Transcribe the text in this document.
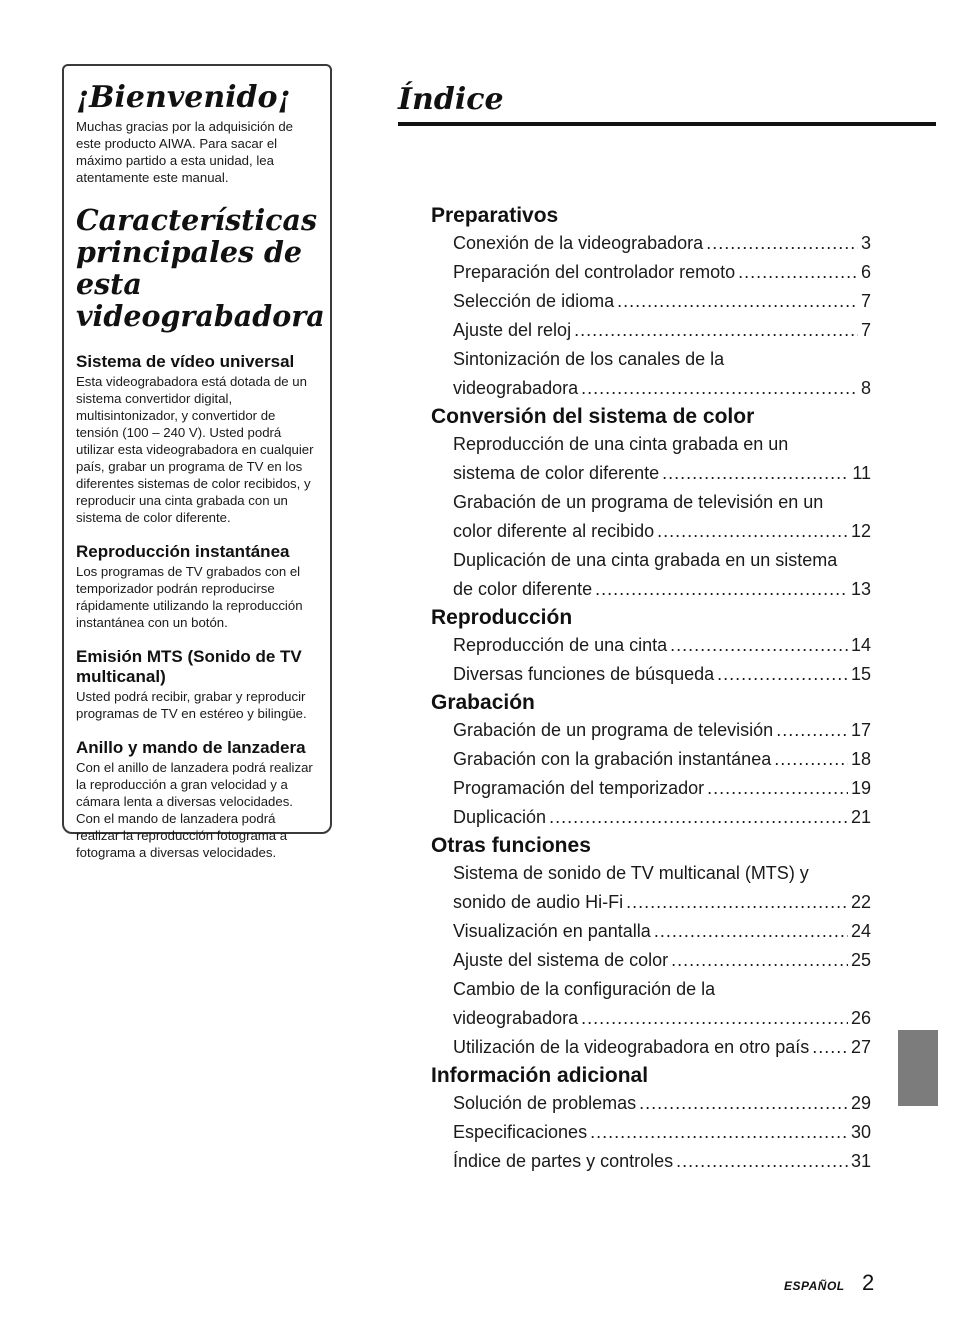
¡Bienvenido¡

Muchas gracias por la adquisición de este producto AIWA. Para sacar el máximo partido a esta unidad, lea atentamente este manual.

Características principales de esta videograbadora
Sistema de vídeo universal

Esta videograbadora está dotada de un sistema convertidor digital, multisintonizador, y convertidor de tensión (100 – 240 V). Usted podrá utilizar esta videograbadora en cualquier país, grabar un programa de TV en los diferentes sistemas de color recibidos, y reproducir una cinta grabada con un sistema de color diferente.

Reproducción instantánea

Los programas de TV grabados con el temporizador podrán reproducirse rápidamente utilizando la reproducción instantánea con un botón.

Emisión MTS (Sonido de TV multicanal)

Usted podrá recibir, grabar y reproducir programas de TV en estéreo y bilingüe.

Anillo y mando de lanzadera

Con el anillo de lanzadera podrá realizar la reproducción a gran velocidad y a cámara lenta a diversas velocidades. Con el mando de lanzadera podrá realizar la reproducción fotograma a fotograma a diversas velocidades.

Índice
Preparativos
Conexión de la videograbadora .....	3
Preparación del controlador remoto .....	6
Selección de idioma .....	7
Ajuste del reloj .....	7
Sintonización de los canales de la
videograbadora .....	8
Conversión del sistema de color
Reproducción de una cinta grabada en un
sistema de color diferente .....	11
Grabación de un programa de televisión en un
color diferente al recibido .....	12
Duplicación de una cinta grabada en un sistema
de color diferente .....	13
Reproducción
Reproducción de una cinta .....	14
Diversas funciones de búsqueda .....	15
Grabación
Grabación de un programa de televisión .....	17
Grabación con la grabación instantánea .....	18
Programación del temporizador .....	19
Duplicación .....	21
Otras funciones
Sistema de sonido de TV multicanal (MTS) y
sonido de audio Hi-Fi .....	22
Visualización en pantalla .....	24
Ajuste del sistema de color .....	25
Cambio de la configuración de la
videograbadora .....	26
Utilización de la videograbadora en otro país ..... 27
Información adicional
Solución de problemas .....	29
Especificaciones .....	30
Índice de partes y controles .....	31
ESPAÑOL 2
